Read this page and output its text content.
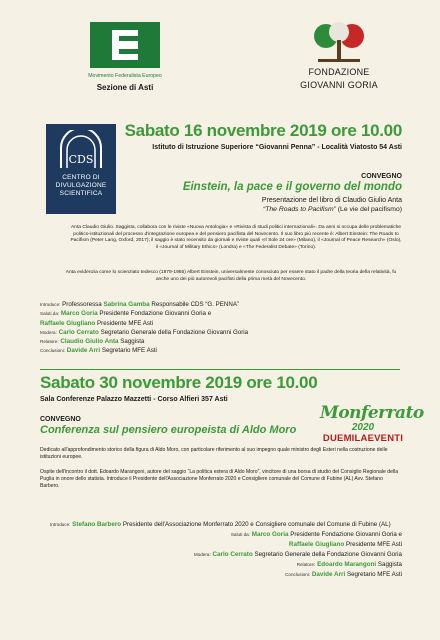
Movimento Federalista Europeo
Sezione di Asti
FONDAZIONE
GIOVANNI GORIA
CDS
CENTRO DI
DIVULGAZIONE
SCIENTIFICA
Sabato 16 novembre 2019 ore 10.00
Istituto di Istruzione Superiore “Giovanni Penna” - Località Viatosto 54 Asti
CONVEGNO
Einstein, la pace e il governo del mondo
Presentazione del libro di Claudio Giulio Anta
“The Roads to Pacifism” (Le vie del pacifismo)
Anta Claudio Giulio. Saggista, collabora con le riviste «Nuova Antologia» e «Rivista di studi politici internazionali». Da anni si occupa delle problematiche politico-istituzionali del processo d'integrazione europea e del pensiero pacifista del Novecento. Il suo libro più recente è: Albert Einstein: The Roads to Pacifism (Peter Lang, Oxford, 2017); il saggio è stato recensito da giornali e riviste quali «Il Sole 24 ore» (Milano), il «Journal of Peace Research» (Oslo), il «Journal of Military Ethics» (Londra) e «The Federalist Debate» (Torino).
Anta evidenzia come lo scienziato tedesco (1879-1955) Albert Einstein, universalmente conosciuto per essere stato il padre della teoria della relatività, fu anche uno dei più autorevoli pacifisti della prima metà del Novecento.
Introduce: Professoressa Sabrina Gamba Responsabile CDS “G. PENNA”
Saluti da: Marco Goria Presidente Fondazione Giovanni Goria e
Raffaele Giugliano Presidente MFE Asti
Modera: Carlo Cerrato Segretario Generale della Fondazione Giovanni Goria
Relatore: Claudio Giulio Anta Saggista
Conclusioni: Davide Arri Segretario MFE Asti
Sabato 30 novembre 2019 ore 10.00
Sala Conferenze Palazzo Mazzetti - Corso Alfieri 357 Asti
CONVEGNO
Conferenza sul pensiero europeista di Aldo Moro
Monferrato
2020
DUEMILAEVENTI
Dedicato all'approfondimento storico della figura di Aldo Moro, con particolare riferimento al suo impegno quale ministro degli Esteri nella costruzione delle istituzioni europee.
Ospite dell'incontro il dott. Edoardo Marangoni, autore del saggio “La politica estera di Aldo Moro”, vincitore di una borsa di studio del Consiglio Regionale della Puglia in onore dello statista. Introduce il Presidente dell'Associazione Monferrato 2020 e Consigliere comunale del Comune di Fubine (AL) Avv. Stefano Barbero.
Introduce: Stefano Barbero Presidente dell'Associazione Monferrato 2020 e Consigliere comunale del Comune di Fubine (AL)
Saluti da: Marco Goria Presidente Fondazione Giovanni Goria e
Raffaele Giugliano Presidente MFE Asti
Modera: Carlo Cerrato Segretario Generale della Fondazione Giovanni Goria
Relatore: Edoardo Marangoni Saggista
Conclusioni: Davide Arri Segretario MFE Asti
